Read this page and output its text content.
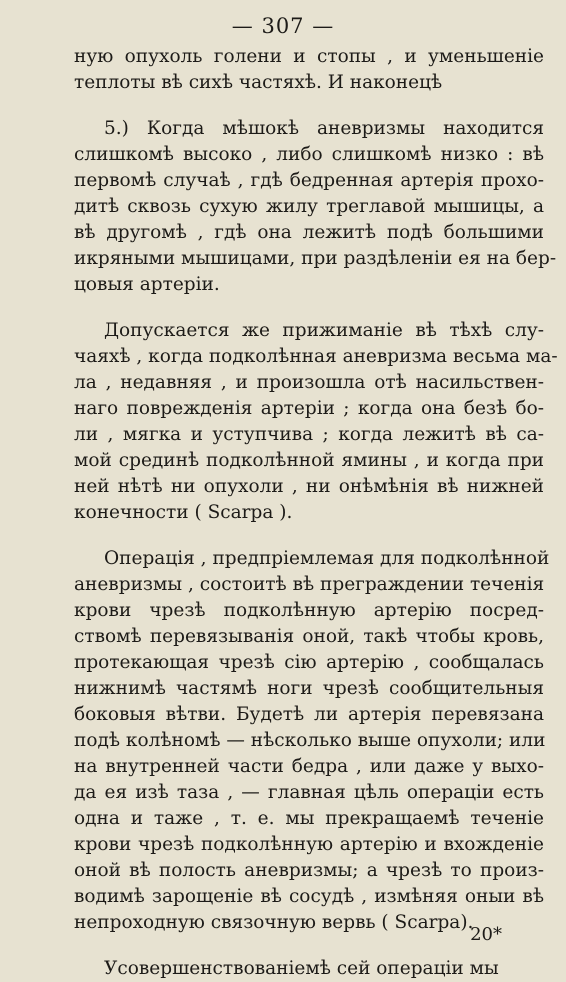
— 307 —
ную опухоль голени и стопы , и уменьшеніе
теплоты вѣ сихѣ частяхѣ. И наконецѣ
5.) Когда мѣшокѣ аневризмы находится
слишкомѣ высоко , либо слишкомѣ низко : вѣ
первомѣ случаѣ , гдѣ бедренная артерія прохо-
дитѣ сквозь сухую жилу треглавой мышицы, а
вѣ другомѣ , гдѣ она лежитѣ подѣ большими
икряными мышицами, при раздѣленіи ея на бер-
цовыя артеріи.
Допускается же прижиманіе вѣ тѣхѣ слу-
чаяхѣ , когда подколѣнная аневризма весьма ма-
ла , недавняя , и произошла отѣ насильствен-
наго поврежденія артеріи ; когда она безѣ бо-
ли , мягка и уступчива ; когда лежитѣ вѣ са-
мой срединѣ подколѣнной ямины , и когда при
ней нѣтѣ ни опухоли , ни онѣмѣнія вѣ нижней
конечности ( Scarpa ).
Операція , предпріемлемая для подколѣнной
аневризмы , состоитѣ вѣ преграждении теченія
крови чрезѣ подколѣнную артерію посред-
ствомѣ перевязыванія оной, такѣ чтобы кровь,
протекающая чрезѣ сію артерію , сообщалась
нижнимѣ частямѣ ноги чрезѣ сообщительныя
боковыя вѣтви. Будетѣ ли артерія перевязана
подѣ колѣномѣ — нѣсколько выше опухоли; или
на внутренней части бедра , или даже у выхо-
да ея изѣ таза , — главная цѣль операціи есть
одна и таже , т. е. мы прекращаемѣ теченіе
крови чрезѣ подколѣнную артерію и вхожденіе
оной вѣ полость аневризмы; а чрезѣ то произ-
водимѣ зарощеніе вѣ сосудѣ , измѣняя оныи вѣ
непроходную связочную вервь ( Scarpa).
Усовершенствованіемѣ сей операціи мы
20*
